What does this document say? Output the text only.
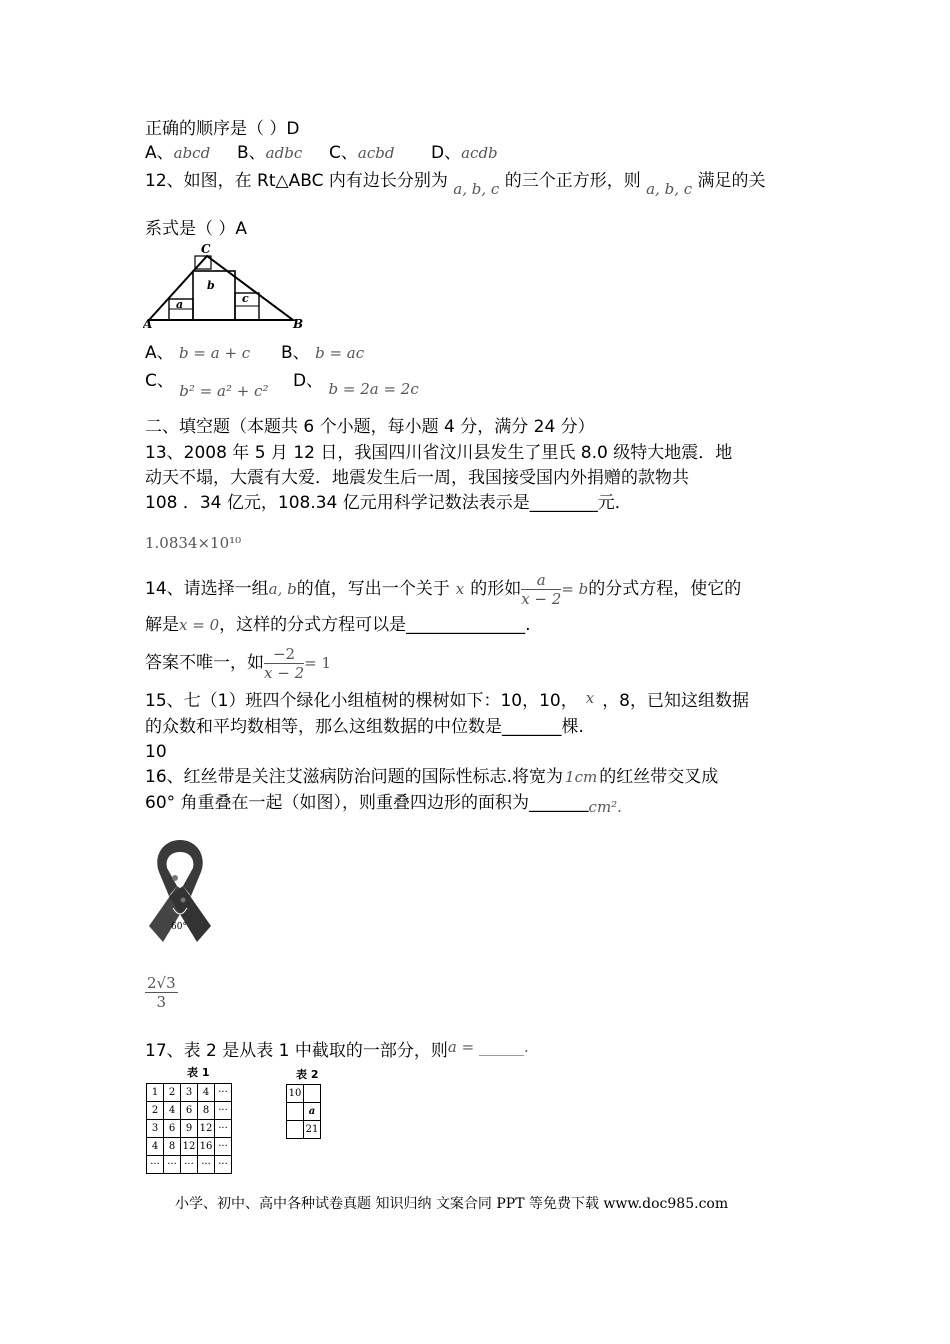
正确的顺序是（ ）D
A、abcd B、adbc C、acbd D、acdb
12、如图，在 Rt△ABC 内有边长分别为 a, b, c 的三个正方形，则 a, b, c 满足的关
系式是（ ）A
C
A	B
a
b
c
A、 b = a + c B、 b = ac
C、 b² = a² + c² D、 b = 2a = 2c
二、填空题（本题共 6 个小题，每小题 4 分，满分 24 分）
13、2008 年 5 月 12 日，我国四川省汶川县发生了里氏 8.0 级特大地震．地
动天不塌，大震有大爱．地震发生后一周，我国接受国内外捐赠的款物共
108 ．34 亿元，108.34 亿元用科学记数法表示是________元．
1.0834×10¹⁰
14、请选择一组a, b的值，写出一个关于 x 的形如 $\frac{a}{x - 2} = b$的分式方程，使它的
解是x = 0，这样的分式方程可以是______________.
答案不唯一，如 $\frac{-2}{x - 2} = 1$
15、七（1）班四个绿化小组植树的棵树如下：10，10， x ，8，已知这组数据
的众数和平均数相等，那么这组数据的中位数是_______棵.
10
16、红丝带是关注艾滋病防治问题的国际性标志.将宽为 1cm 的红丝带交叉成
60° 角重叠在一起（如图），则重叠四边形的面积为_______cm².
60°
$\frac{2√3}{3}$
17、表 2 是从表 1 中截取的一部分，则a = ______.
表 1
1	2	3	4	···
2	4	6	8	···
3	6	9	12	···
4	8	12	16	···
···	···	···	···	···
表 2
10	
	a
	21
小学、初中、高中各种试卷真题 知识归纳 文案合同 PPT 等免费下载 www.doc985.com
